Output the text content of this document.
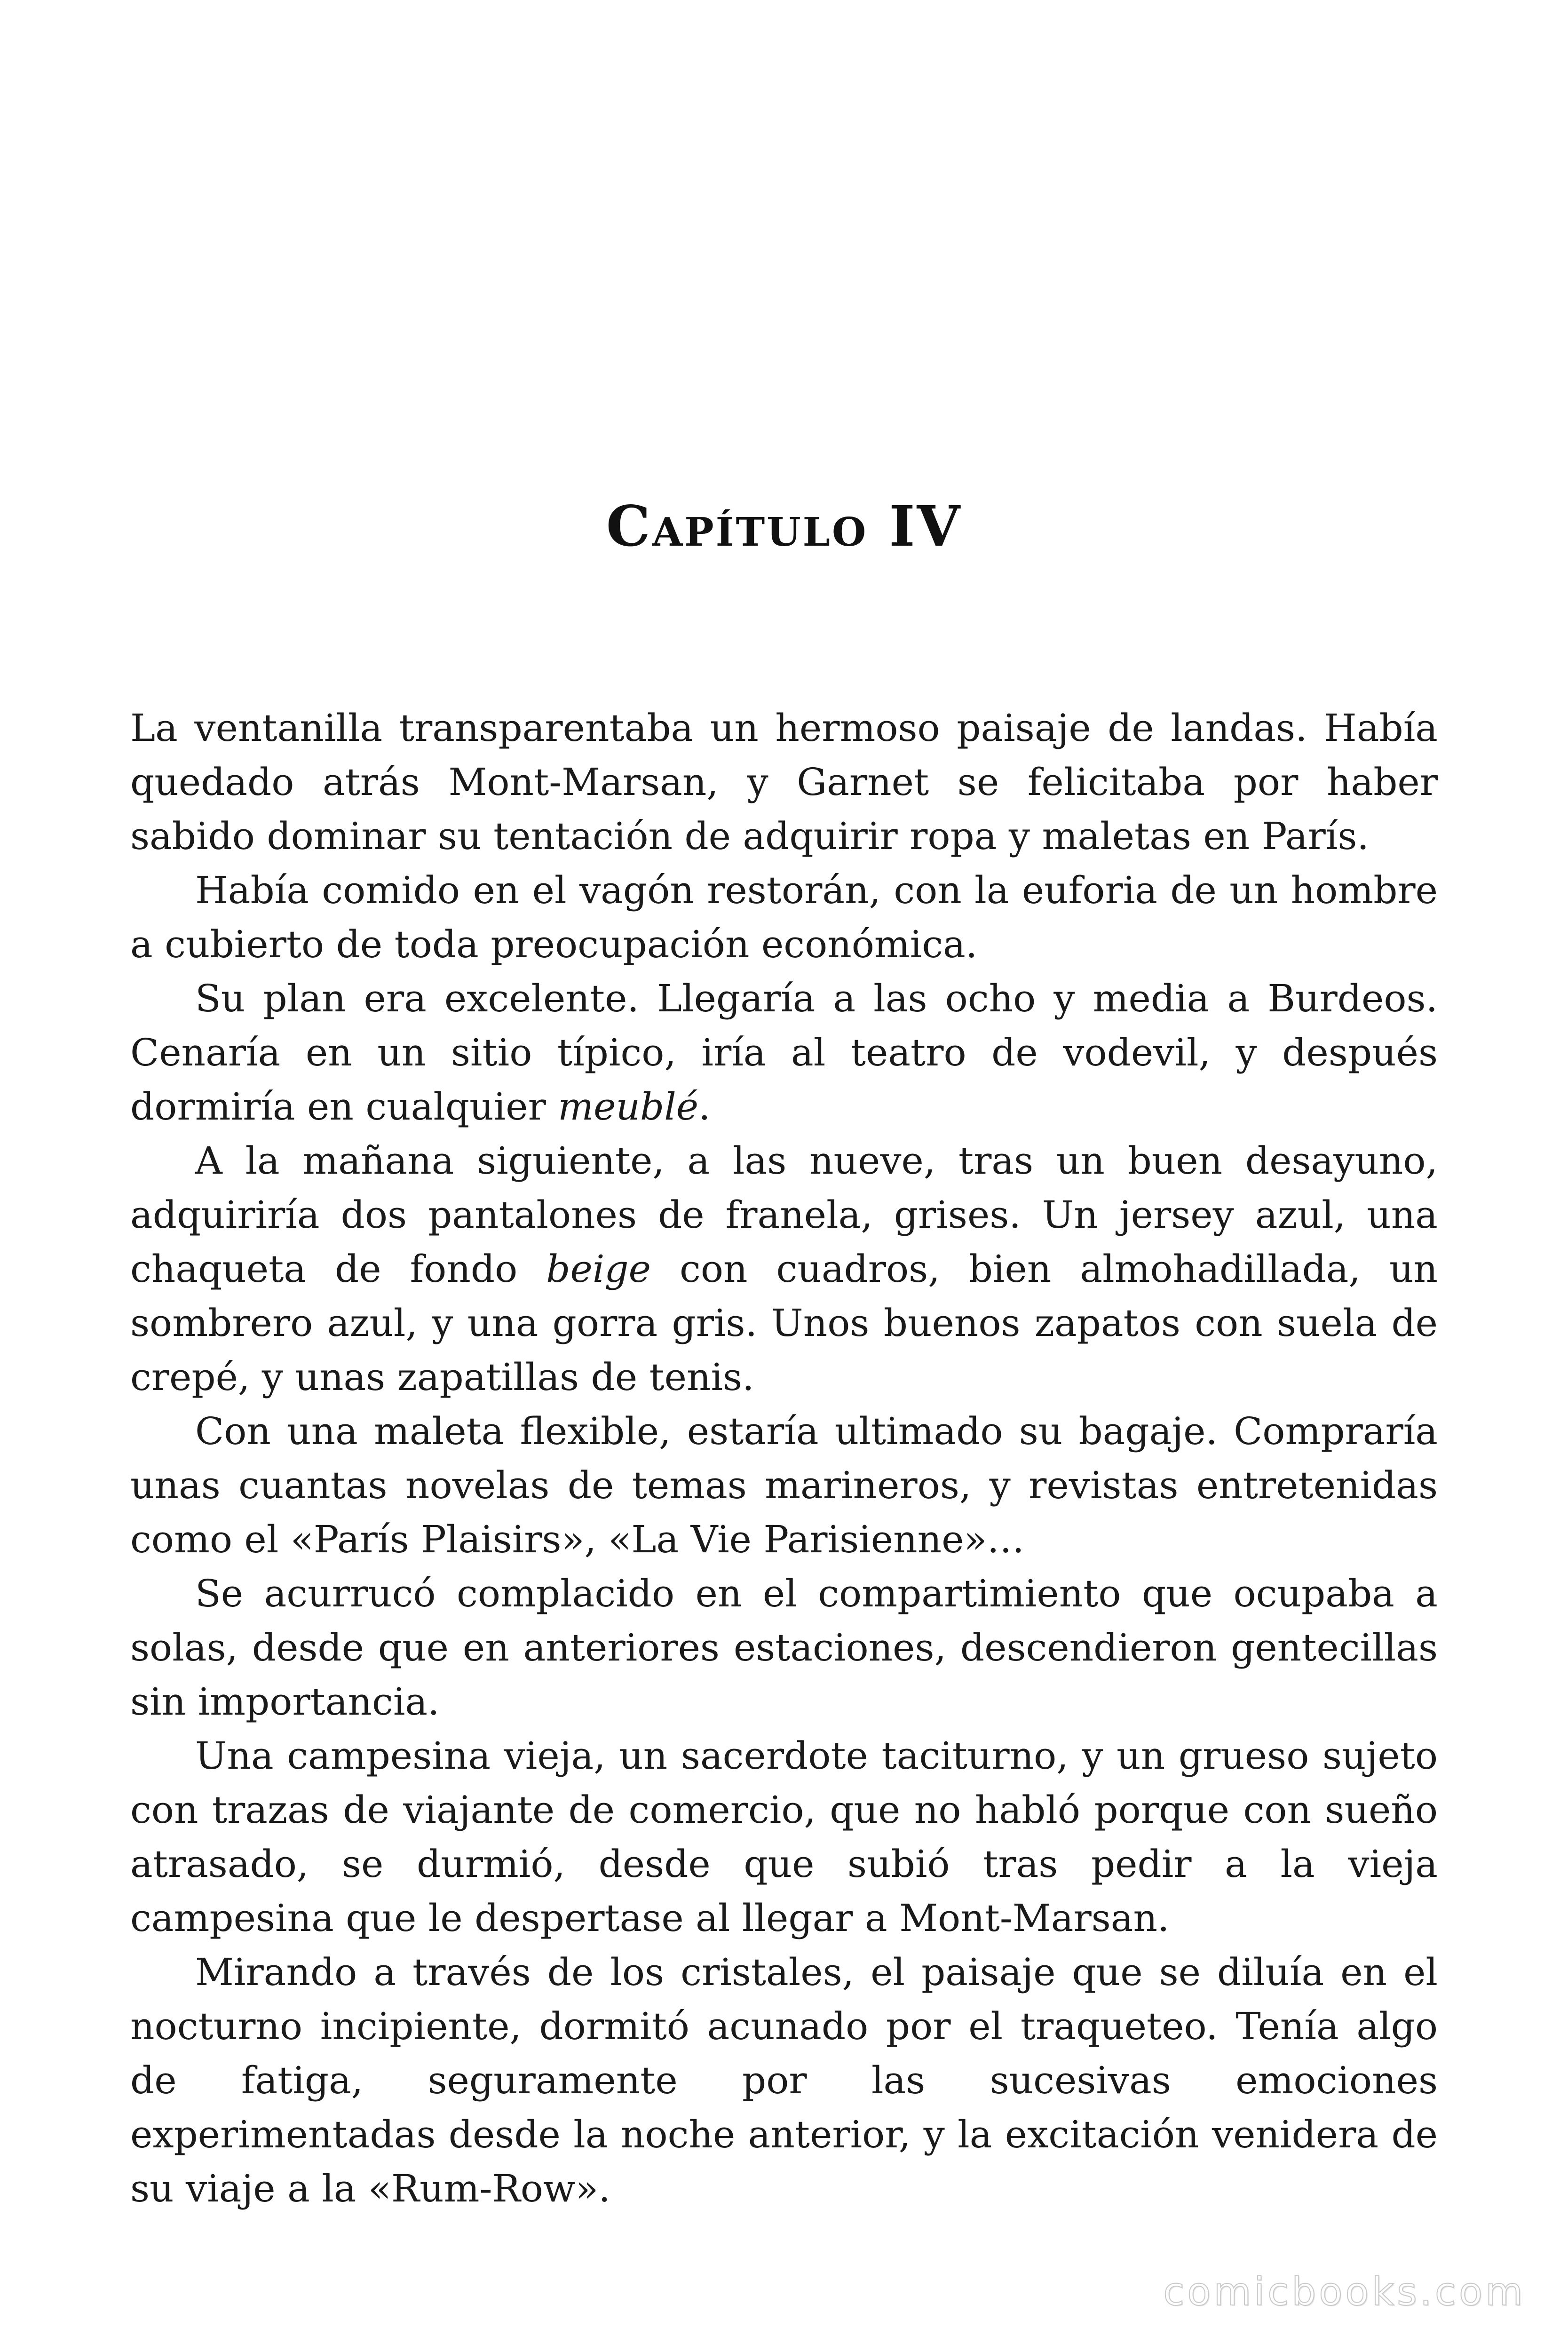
Capítulo IV

La ventanilla transparentaba un hermoso paisaje de landas. Había quedado atrás Mont-Marsan, y Garnet se felicitaba por haber sabido dominar su tentación de adquirir ropa y maletas en París.

Había comido en el vagón restorán, con la euforia de un hombre a cubierto de toda preocupación económica.

Su plan era excelente. Llegaría a las ocho y media a Burdeos. Cenaría en un sitio típico, iría al teatro de vodevil, y después dormiría en cualquier meublé.

A la mañana siguiente, a las nueve, tras un buen desayuno, adquiriría dos pantalones de franela, grises. Un jersey azul, una chaqueta de fondo beige con cuadros, bien almohadillada, un sombrero azul, y una gorra gris. Unos buenos zapatos con suela de crepé, y unas zapatillas de tenis.

Con una maleta flexible, estaría ultimado su bagaje. Compraría unas cuantas novelas de temas marineros, y revistas entretenidas como el «París Plaisirs», «La Vie Parisienne»…

Se acurrucó complacido en el compartimiento que ocupaba a solas, desde que en anteriores estaciones, descendieron gentecillas sin importancia.

Una campesina vieja, un sacerdote taciturno, y un grueso sujeto con trazas de viajante de comercio, que no habló porque con sueño atrasado, se durmió, desde que subió tras pedir a la vieja campesina que le despertase al llegar a Mont-Marsan.

Mirando a través de los cristales, el paisaje que se diluía en el nocturno incipiente, dormitó acunado por el traqueteo. Tenía algo de fatiga, seguramente por las sucesivas emociones experimentadas desde la noche anterior, y la excitación venidera de su viaje a la «Rum-Row».

comicbooks.com
